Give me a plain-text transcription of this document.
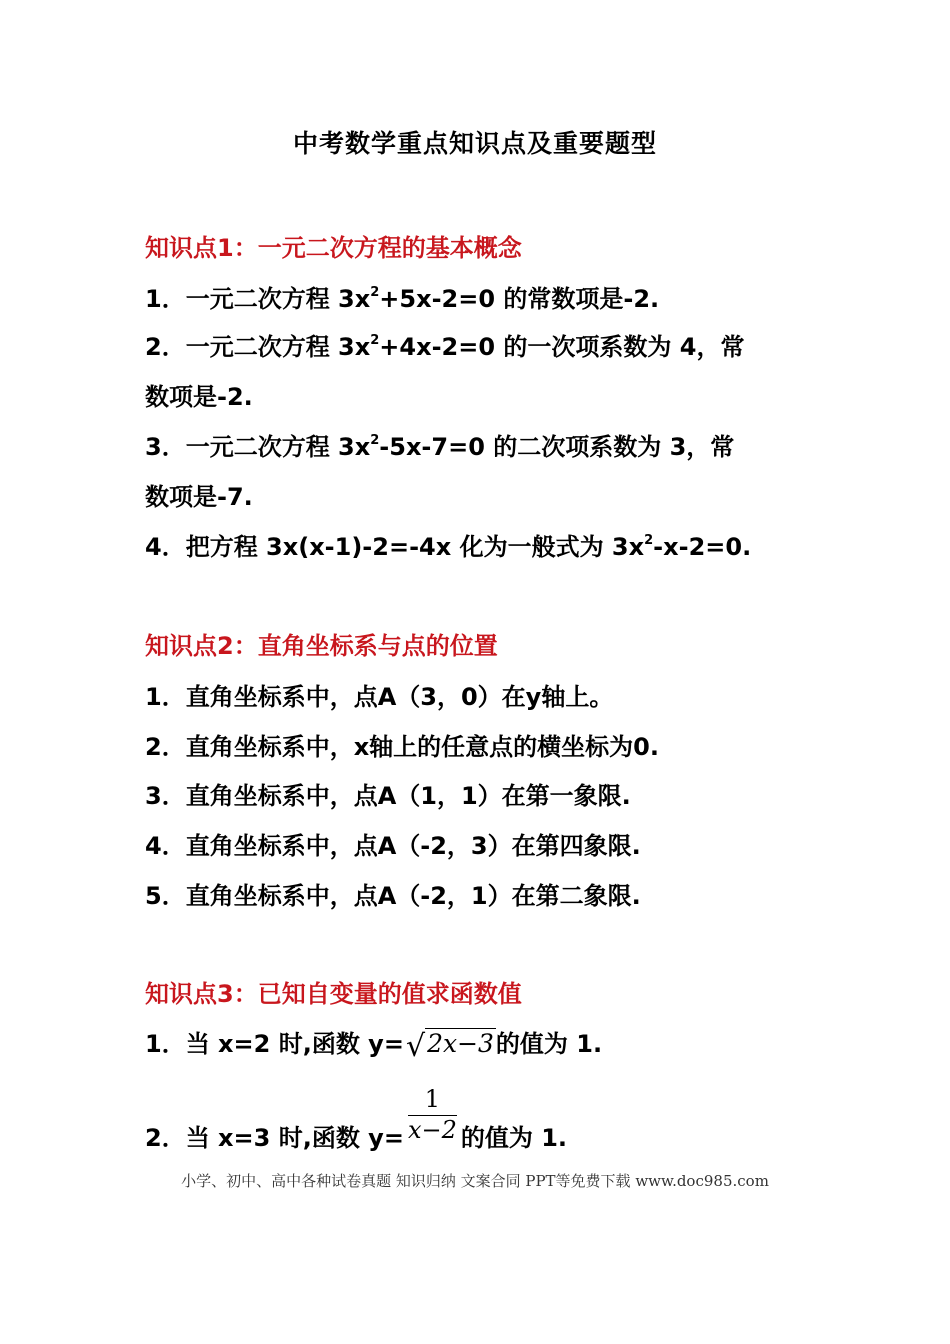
中考数学重点知识点及重要题型
知识点1：一元二次方程的基本概念
1．一元二次方程 $3x^2+5x-2=0$ 的常数项是-2.
2．一元二次方程 $3x^2+4x-2=0$ 的一次项系数为 4，常
数项是-2.
3．一元二次方程 $3x^2-5x-7=0$ 的二次项系数为 3，常
数项是-7.
4．把方程 3x(x-1)-2=-4x 化为一般式为 $3x^2-x-2=0$.
知识点2：直角坐标系与点的位置
1．直角坐标系中，点A（3，0）在y轴上。
2．直角坐标系中，x轴上的任意点的横坐标为0.
3．直角坐标系中，点A（1，1）在第一象限.
4．直角坐标系中，点A（-2，3）在第四象限.
5．直角坐标系中，点A（-2，1）在第二象限.
知识点3：已知自变量的值求函数值
1．当 x=2 时,函数 y=√2x−3的值为 1.
2．当 x=3 时,函数 $y= \frac{1}{x-2}$ 的值为 1.
小学、初中、高中各种试卷真题 知识归纳 文案合同 PPT等免费下载 www.doc985.com
